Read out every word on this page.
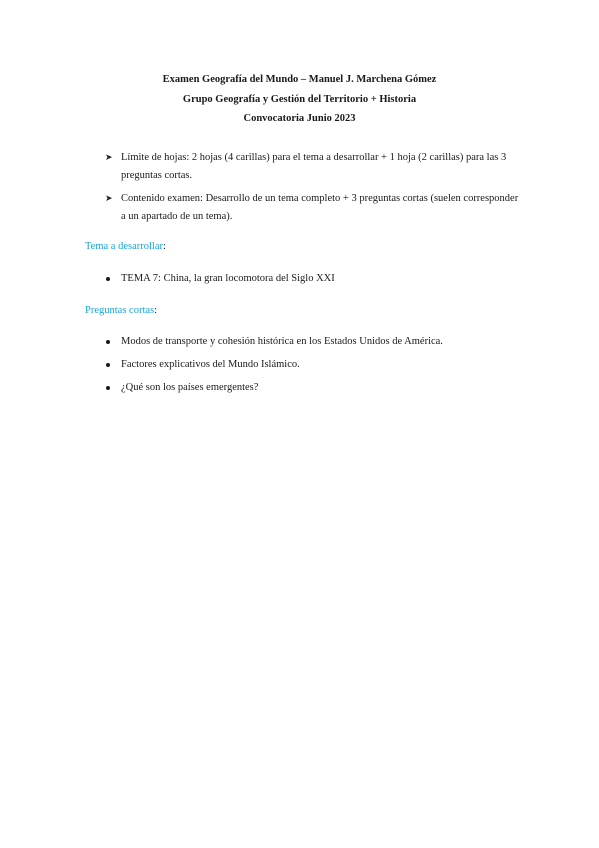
Examen Geografía del Mundo – Manuel J. Marchena Gómez
Grupo Geografía y Gestión del Territorio + Historia
Convocatoria Junio 2023
➤ Límite de hojas: 2 hojas (4 carillas) para el tema a desarrollar + 1 hoja (2 carillas) para las 3 preguntas cortas.
➤ Contenido examen: Desarrollo de un tema completo + 3 preguntas cortas (suelen corresponder a un apartado de un tema).
Tema a desarrollar:
TEMA 7: China, la gran locomotora del Siglo XXI
Preguntas cortas:
Modos de transporte y cohesión histórica en los Estados Unidos de América.
Factores explicativos del Mundo Islámico.
¿Qué son los países emergentes?
